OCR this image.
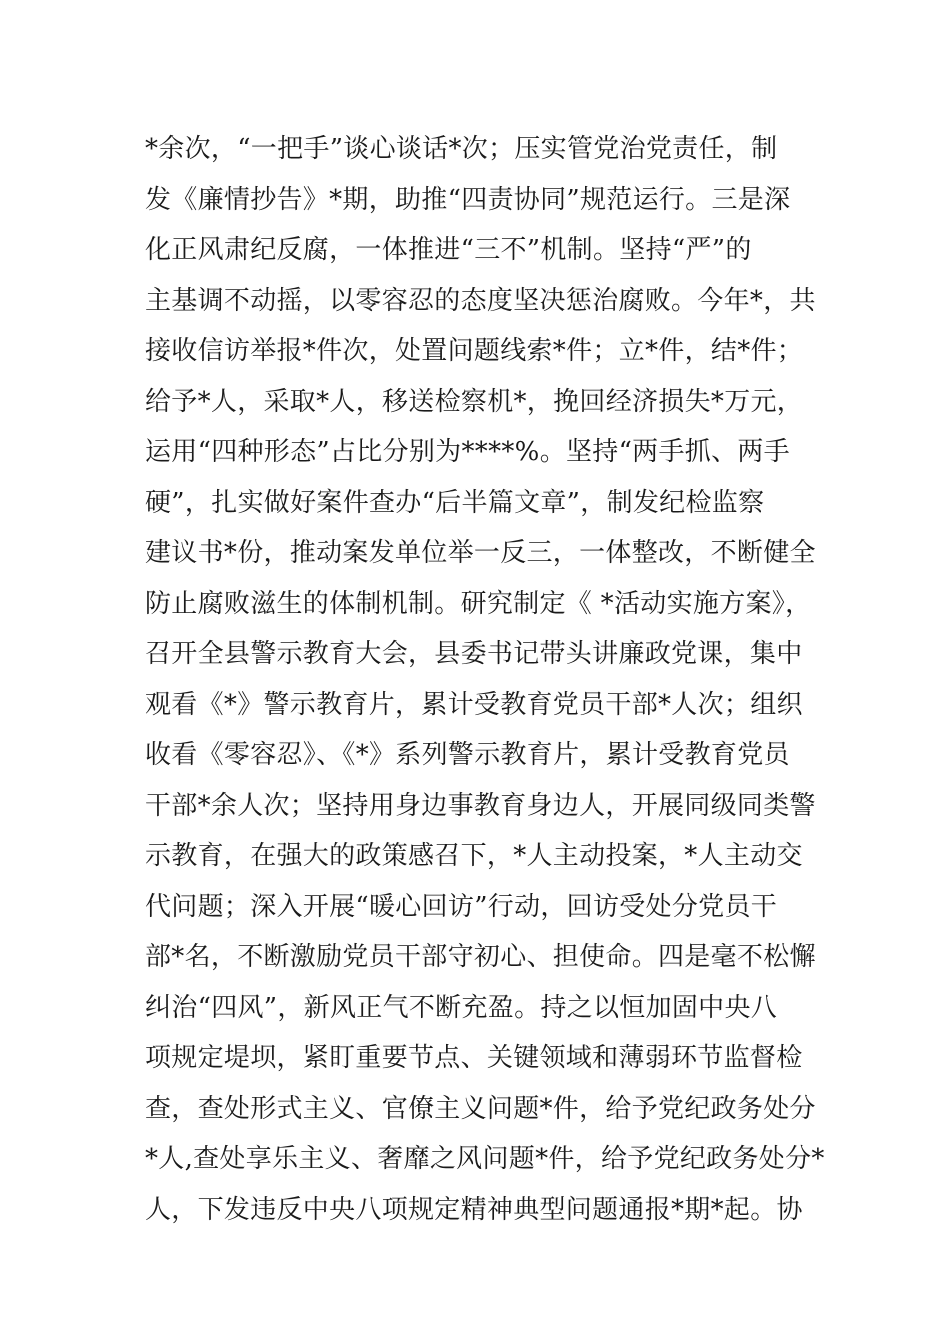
*余次，“一把手”谈心谈话*次；压实管党治党责任，制
发《廉情抄告》*期，助推“四责协同”规范运行。三是深
化正风肃纪反腐，一体推进“三不”机制。坚持“严”的
主基调不动摇，以零容忍的态度坚决惩治腐败。今年*，共
接收信访举报*件次，处置问题线索*件；立*件，结*件；
给予*人，采取*人，移送检察机*，挽回经济损失*万元，
运用“四种形态”占比分别为****%。坚持“两手抓、两手
硬”，扎实做好案件查办“后半篇文章”，制发纪检监察
建议书*份，推动案发单位举一反三，一体整改，不断健全
防止腐败滋生的体制机制。研究制定《 *活动实施方案》，
召开全县警示教育大会，县委书记带头讲廉政党课，集中
观看《*》警示教育片，累计受教育党员干部*人次；组织
收看《零容忍》、《*》系列警示教育片，累计受教育党员
干部*余人次；坚持用身边事教育身边人，开展同级同类警
示教育，在强大的政策感召下，*人主动投案，*人主动交
代问题；深入开展“暖心回访”行动，回访受处分党员干
部*名，不断激励党员干部守初心、担使命。四是毫不松懈
纠治“四风”，新风正气不断充盈。持之以恒加固中央八
项规定堤坝，紧盯重要节点、关键领域和薄弱环节监督检
查，查处形式主义、官僚主义问题*件，给予党纪政务处分
*人,查处享乐主义、奢靡之风问题*件，给予党纪政务处分*
人，下发违反中央八项规定精神典型问题通报*期*起。协
